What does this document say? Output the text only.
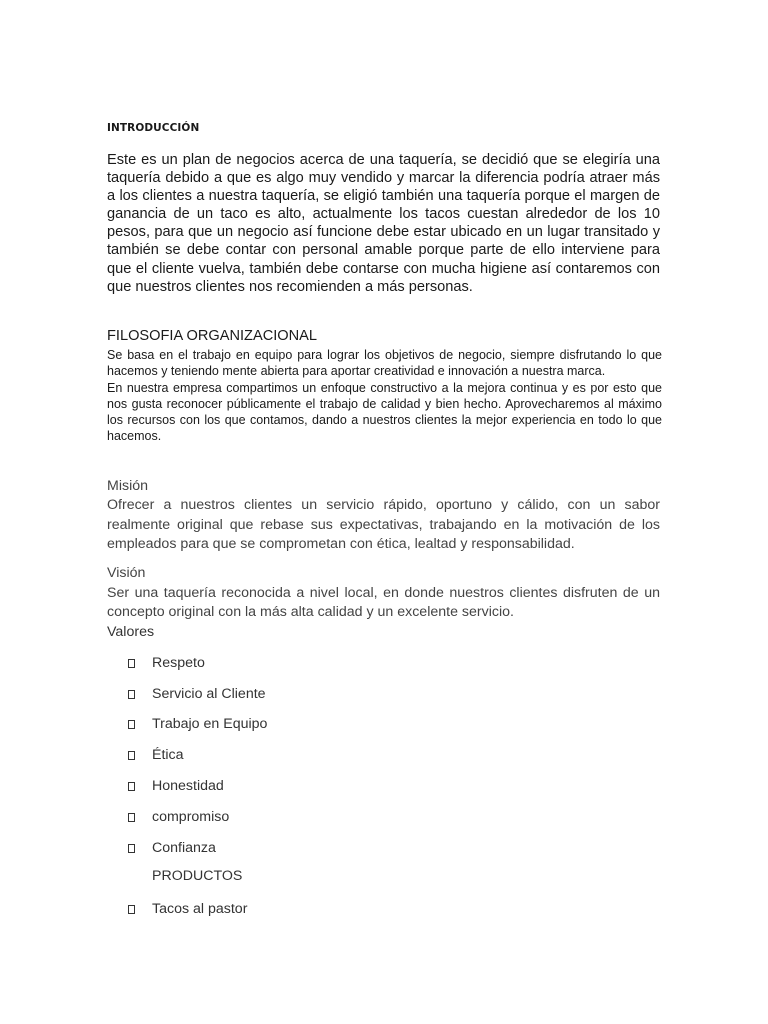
INTRODUCCIÓN

Este es un plan de negocios acerca de una taquería, se decidió que se elegiría una taquería debido a que es algo muy vendido y marcar la diferencia podría atraer más a los clientes a nuestra taquería, se eligió también una taquería porque el margen de ganancia de un taco es alto, actualmente los tacos cuestan alrededor de los 10 pesos, para que un negocio así funcione debe estar ubicado en un lugar transitado y también se debe contar con personal amable porque parte de ello interviene para que el cliente vuelva, también debe contarse con mucha higiene así contaremos con que nuestros clientes nos recomienden a más personas.

FILOSOFIA ORGANIZACIONAL

Se basa en el trabajo en equipo para lograr los objetivos de negocio, siempre disfrutando lo que hacemos y teniendo mente abierta para aportar creatividad e innovación a nuestra marca.

En nuestra empresa compartimos un enfoque constructivo a la mejora continua y es por esto que nos gusta reconocer públicamente el trabajo de calidad y bien hecho. Aprovecharemos al máximo los recursos con los que contamos, dando a nuestros clientes la mejor experiencia en todo lo que hacemos.

Misión

Ofrecer a nuestros clientes un servicio rápido, oportuno y cálido, con un sabor realmente original que rebase sus expectativas, trabajando en la motivación de los empleados para que se comprometan con ética, lealtad y responsabilidad.

Visión

Ser una taquería reconocida a nivel local, en donde nuestros clientes disfruten de un concepto original con la más alta calidad y un excelente servicio.

Valores
Respeto
Servicio al Cliente
Trabajo en Equipo
Ética
Honestidad
compromiso
Confianza
PRODUCTOS
Tacos al pastor
